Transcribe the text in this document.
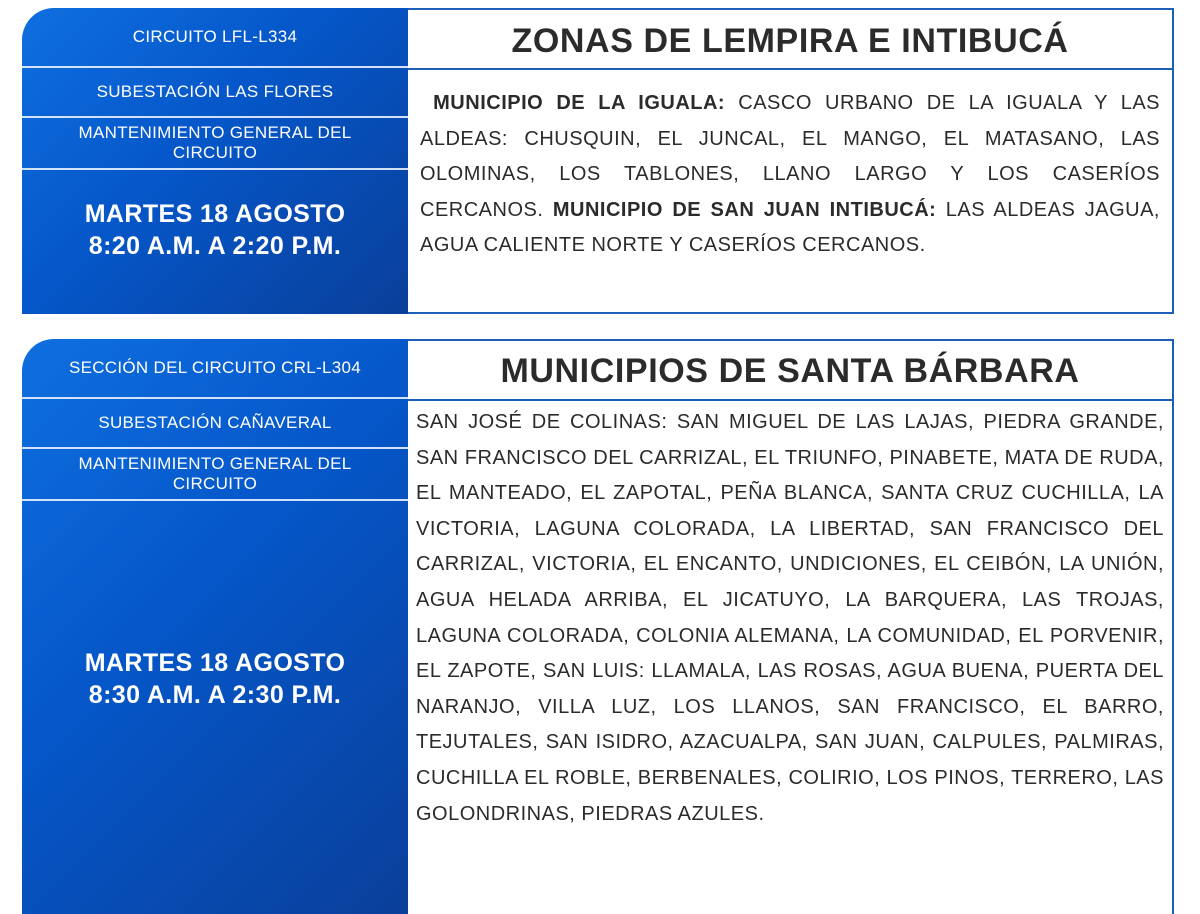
CIRCUITO LFL-L334
SUBESTACIÓN LAS FLORES
MANTENIMIENTO GENERAL DEL CIRCUITO
MARTES 18 AGOSTO
8:20 A.M. A 2:20 P.M.
ZONAS DE LEMPIRA E INTIBUCÁ
MUNICIPIO DE LA IGUALA: CASCO URBANO DE LA IGUALA Y LAS ALDEAS: CHUSQUIN, EL JUNCAL, EL MANGO, EL MATASANO, LAS OLOMINAS, LOS TABLONES, LLANO LARGO Y LOS CASERÍOS CERCANOS. MUNICIPIO DE SAN JUAN INTIBUCÁ: LAS ALDEAS JAGUA, AGUA CALIENTE NORTE Y CASERÍOS CERCANOS.
SECCIÓN DEL CIRCUITO CRL-L304
SUBESTACIÓN CAÑAVERAL
MANTENIMIENTO GENERAL DEL CIRCUITO
MARTES 18 AGOSTO
8:30 A.M. A 2:30 P.M.
MUNICIPIOS DE SANTA BÁRBARA
SAN JOSÉ DE COLINAS: SAN MIGUEL DE LAS LAJAS, PIEDRA GRANDE, SAN FRANCISCO DEL CARRIZAL, EL TRIUNFO, PINABETE, MATA DE RUDA, EL MANTEADO, EL ZAPOTAL, PEÑA BLANCA, SANTA CRUZ CUCHILLA, LA VICTORIA, LAGUNA COLORADA, LA LIBERTAD, SAN FRANCISCO DEL CARRIZAL, VICTORIA, EL ENCANTO, UNDICIONES, EL CEIBÓN, LA UNIÓN, AGUA HELADA ARRIBA, EL JICATUYO, LA BARQUERA, LAS TROJAS, LAGUNA COLORADA, COLONIA ALEMANA, LA COMUNIDAD, EL PORVENIR, EL ZAPOTE, SAN LUIS: LLAMALA, LAS ROSAS, AGUA BUENA, PUERTA DEL NARANJO, VILLA LUZ, LOS LLANOS, SAN FRANCISCO, EL BARRO, TEJUTALES, SAN ISIDRO, AZACUALPA, SAN JUAN, CALPULES, PALMIRAS, CUCHILLA EL ROBLE, BERBENALES, COLIRIO, LOS PINOS, TERRERO, LAS GOLONDRINAS, PIEDRAS AZULES.
